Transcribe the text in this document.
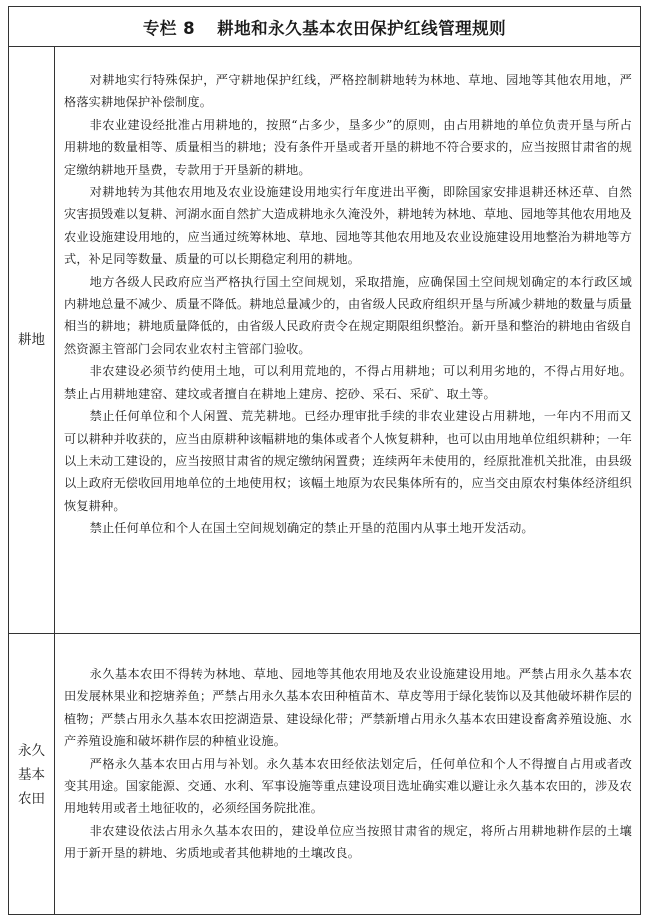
专栏 8 耕地和永久基本农田保护红线管理规则
耕地

对耕地实行特殊保护，严守耕地保护红线，严格控制耕地转为林地、草地、园地等其他农用地，严格落实耕地保护补偿制度。

非农业建设经批准占用耕地的，按照“占多少，垦多少”的原则，由占用耕地的单位负责开垦与所占用耕地的数量相等、质量相当的耕地；没有条件开垦或者开垦的耕地不符合要求的，应当按照甘肃省的规定缴纳耕地开垦费，专款用于开垦新的耕地。

对耕地转为其他农用地及农业设施建设用地实行年度进出平衡，即除国家安排退耕还林还草、自然灾害损毁难以复耕、河湖水面自然扩大造成耕地永久淹没外，耕地转为林地、草地、园地等其他农用地及农业设施建设用地的，应当通过统筹林地、草地、园地等其他农用地及农业设施建设用地整治为耕地等方式，补足同等数量、质量的可以长期稳定利用的耕地。

地方各级人民政府应当严格执行国土空间规划，采取措施，应确保国土空间规划确定的本行政区域内耕地总量不减少、质量不降低。耕地总量减少的，由省级人民政府组织开垦与所减少耕地的数量与质量相当的耕地；耕地质量降低的，由省级人民政府责令在规定期限组织整治。新开垦和整治的耕地由省级自然资源主管部门会同农业农村主管部门验收。

非农建设必须节约使用土地，可以利用荒地的，不得占用耕地；可以利用劣地的，不得占用好地。禁止占用耕地建窑、建坟或者擅自在耕地上建房、挖砂、采石、采矿、取土等。

禁止任何单位和个人闲置、荒芜耕地。已经办理审批手续的非农业建设占用耕地，一年内不用而又可以耕种并收获的，应当由原耕种该幅耕地的集体或者个人恢复耕种，也可以由用地单位组织耕种；一年以上未动工建设的，应当按照甘肃省的规定缴纳闲置费；连续两年未使用的，经原批准机关批准，由县级以上政府无偿收回用地单位的土地使用权；该幅土地原为农民集体所有的，应当交由原农村集体经济组织恢复耕种。

禁止任何单位和个人在国土空间规划确定的禁止开垦的范围内从事土地开发活动。

永久
基本
农田

永久基本农田不得转为林地、草地、园地等其他农用地及农业设施建设用地。严禁占用永久基本农田发展林果业和挖塘养鱼；严禁占用永久基本农田种植苗木、草皮等用于绿化装饰以及其他破坏耕作层的植物；严禁占用永久基本农田挖湖造景、建设绿化带；严禁新增占用永久基本农田建设畜禽养殖设施、水产养殖设施和破坏耕作层的种植业设施。

严格永久基本农田占用与补划。永久基本农田经依法划定后，任何单位和个人不得擅自占用或者改变其用途。国家能源、交通、水利、军事设施等重点建设项目选址确实难以避让永久基本农田的，涉及农用地转用或者土地征收的，必须经国务院批准。

非农建设依法占用永久基本农田的，建设单位应当按照甘肃省的规定，将所占用耕地耕作层的土壤用于新开垦的耕地、劣质地或者其他耕地的土壤改良。
